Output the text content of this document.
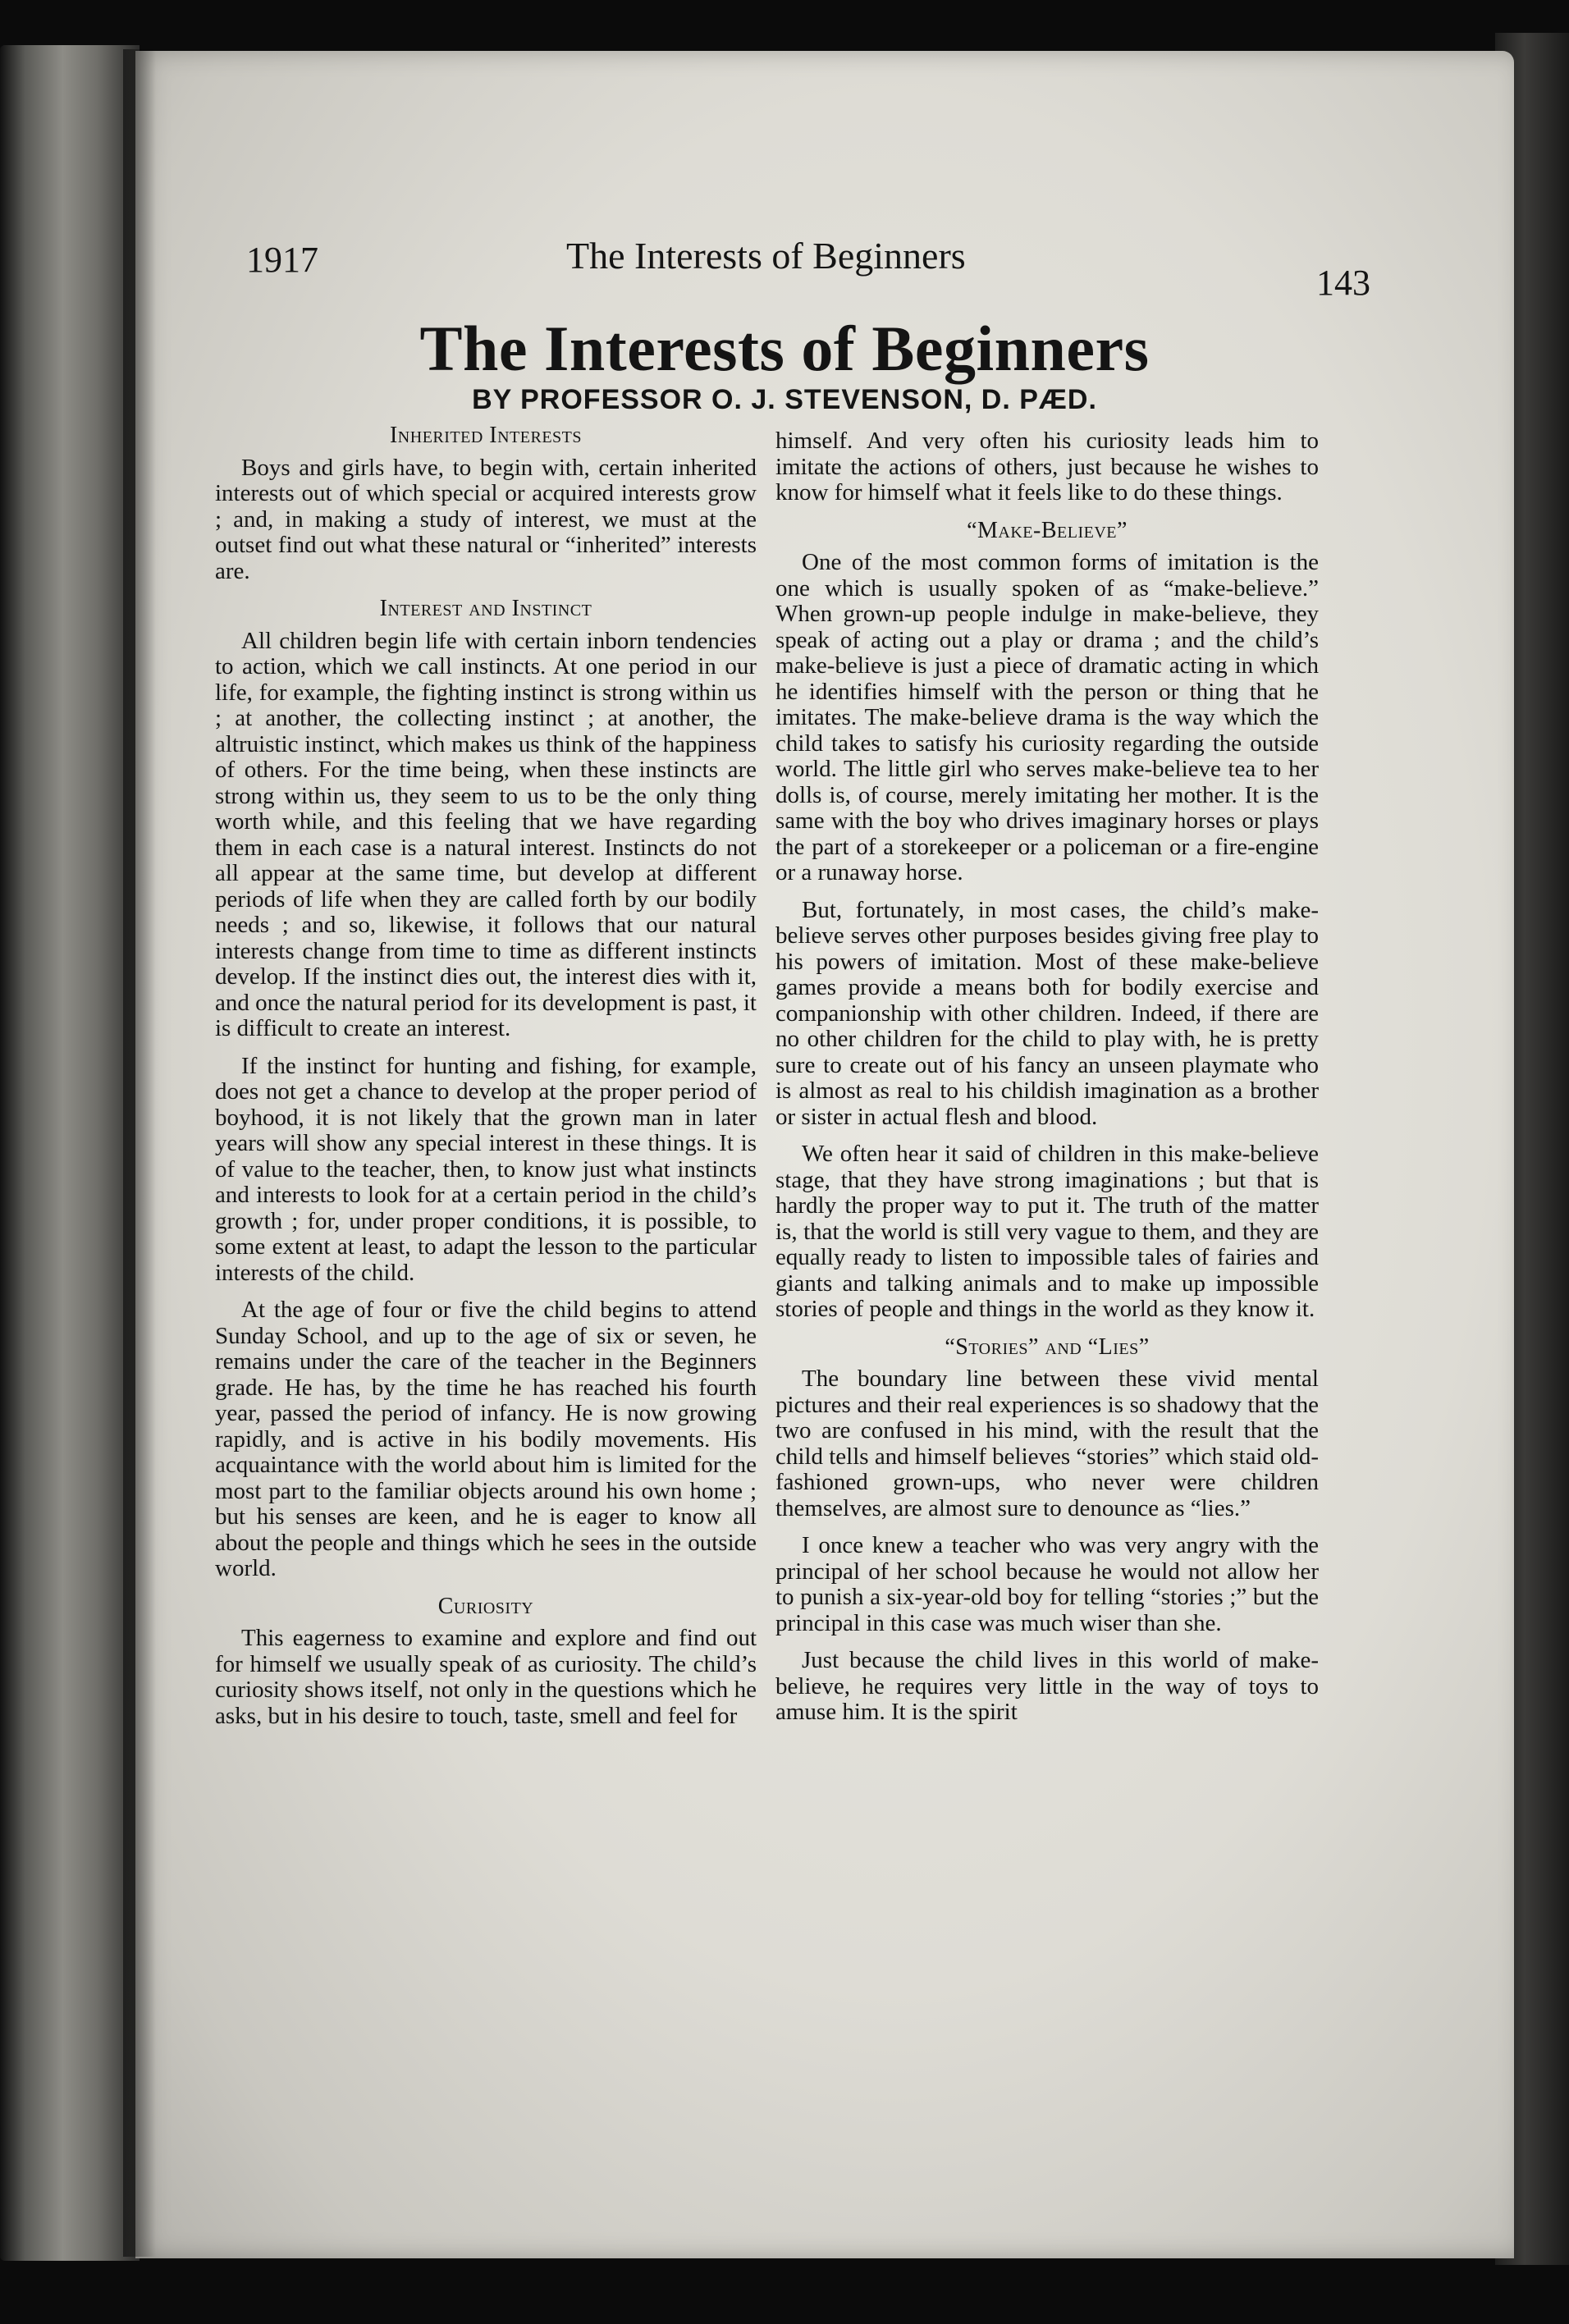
1917	The Interests of Beginners
143
The Interests of Beginners
BY PROFESSOR O. J. STEVENSON, D. PÆD.
Inherited Interests

Boys and girls have, to begin with, certain inherited interests out of which special or acquired interests grow ; and, in making a study of interest, we must at the outset find out what these natural or “inherited” interests are.

Interest and Instinct

All children begin life with certain inborn tendencies to action, which we call instincts. At one period in our life, for example, the fighting instinct is strong within us ; at another, the collecting instinct ; at another, the altruistic instinct, which makes us think of the happiness of others. For the time being, when these instincts are strong within us, they seem to us to be the only thing worth while, and this feeling that we have regarding them in each case is a natural interest. Instincts do not all appear at the same time, but develop at different periods of life when they are called forth by our bodily needs ; and so, likewise, it follows that our natural interests change from time to time as different instincts develop. If the instinct dies out, the interest dies with it, and once the natural period for its development is past, it is difficult to create an interest.

If the instinct for hunting and fishing, for example, does not get a chance to develop at the proper period of boyhood, it is not likely that the grown man in later years will show any special interest in these things. It is of value to the teacher, then, to know just what instincts and interests to look for at a certain period in the child’s growth ; for, under proper conditions, it is possible, to some extent at least, to adapt the lesson to the particular interests of the child.

At the age of four or five the child begins to attend Sunday School, and up to the age of six or seven, he remains under the care of the teacher in the Beginners grade. He has, by the time he has reached his fourth year, passed the period of infancy. He is now growing rapidly, and is active in his bodily movements. His acquaintance with the world about him is limited for the most part to the familiar objects around his own home ; but his senses are keen, and he is eager to know all about the people and things which he sees in the outside world.

Curiosity

This eagerness to examine and explore and find out for himself we usually speak of as curiosity. The child’s curiosity shows itself, not only in the questions which he asks, but in his desire to touch, taste, smell and feel for

himself. And very often his curiosity leads him to imitate the actions of others, just because he wishes to know for himself what it feels like to do these things.

“Make-Believe”

One of the most common forms of imitation is the one which is usually spoken of as “make-believe.” When grown-up people indulge in make-believe, they speak of acting out a play or drama ; and the child’s make-believe is just a piece of dramatic acting in which he identifies himself with the person or thing that he imitates. The make-believe drama is the way which the child takes to satisfy his curiosity regarding the outside world. The little girl who serves make-believe tea to her dolls is, of course, merely imitating her mother. It is the same with the boy who drives imaginary horses or plays the part of a storekeeper or a policeman or a fire-engine or a runaway horse.

But, fortunately, in most cases, the child’s make-believe serves other purposes besides giving free play to his powers of imitation. Most of these make-believe games provide a means both for bodily exercise and companionship with other children. Indeed, if there are no other children for the child to play with, he is pretty sure to create out of his fancy an unseen playmate who is almost as real to his childish imagination as a brother or sister in actual flesh and blood.

We often hear it said of children in this make-believe stage, that they have strong imaginations ; but that is hardly the proper way to put it. The truth of the matter is, that the world is still very vague to them, and they are equally ready to listen to impossible tales of fairies and giants and talking animals and to make up impossible stories of people and things in the world as they know it.

“Stories” and “Lies”

The boundary line between these vivid mental pictures and their real experiences is so shadowy that the two are confused in his mind, with the result that the child tells and himself believes “stories” which staid old-fashioned grown-ups, who never were children themselves, are almost sure to denounce as “lies.”

I once knew a teacher who was very angry with the principal of her school because he would not allow her to punish a six-year-old boy for telling “stories ;” but the principal in this case was much wiser than she.

Just because the child lives in this world of make-believe, he requires very little in the way of toys to amuse him. It is the spirit
